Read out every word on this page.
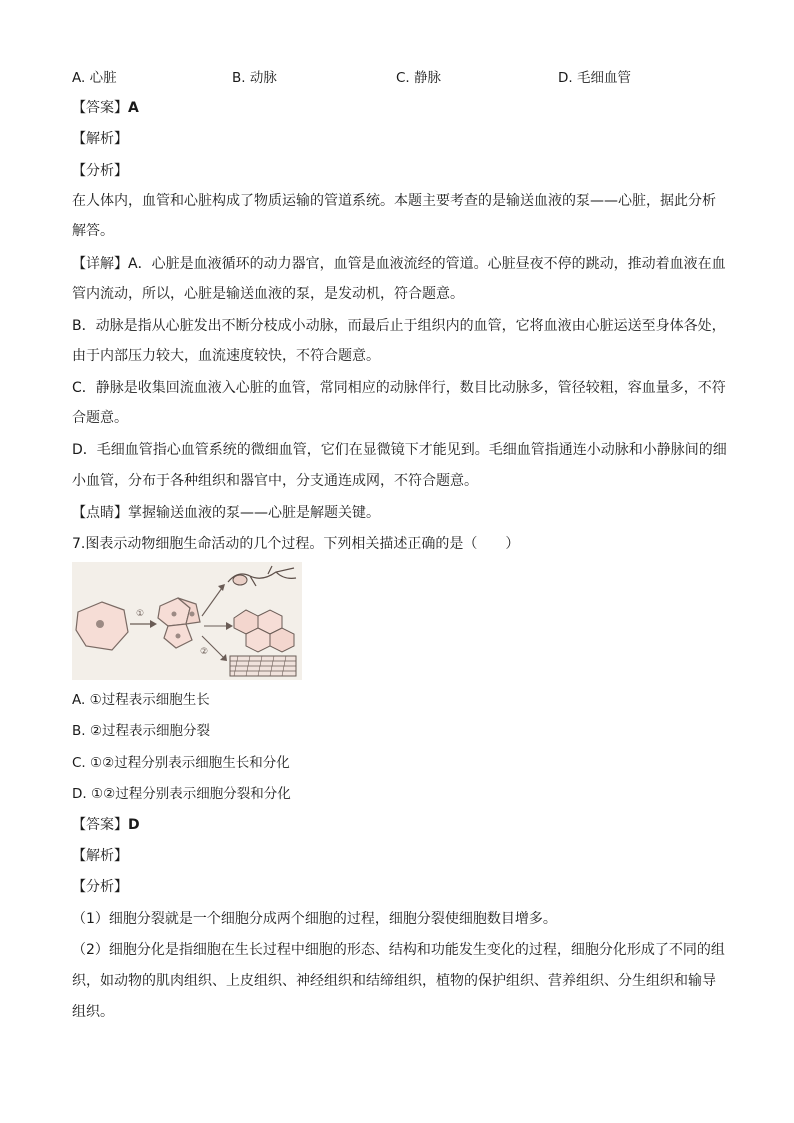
A. 心脏	B. 动脉	C. 静脉	D. 毛细血管
【答案】A
【解析】
【分析】
在人体内，血管和心脏构成了物质运输的管道系统。本题主要考查的是输送血液的泵——心脏，据此分析
解答。
【详解】A．心脏是血液循环的动力器官，血管是血液流经的管道。心脏昼夜不停的跳动，推动着血液在血
管内流动，所以，心脏是输送血液的泵，是发动机，符合题意。
B．动脉是指从心脏发出不断分枝成小动脉，而最后止于组织内的血管，它将血液由心脏运送至身体各处，
由于内部压力较大，血流速度较快，不符合题意。
C．静脉是收集回流血液入心脏的血管，常同相应的动脉伴行，数目比动脉多，管径较粗，容血量多，不符
合题意。
D．毛细血管指心血管系统的微细血管，它们在显微镜下才能见到。毛细血管指通连小动脉和小静脉间的细
小血管，分布于各种组织和器官中，分支通连成网，不符合题意。
【点睛】掌握输送血液的泵——心脏是解题关键。
7.图表示动物细胞生命活动的几个过程。下列相关描述正确的是（　　）
①
②
A. ①过程表示细胞生长
B. ②过程表示细胞分裂
C. ①②过程分别表示细胞生长和分化
D. ①②过程分别表示细胞分裂和分化
【答案】D
【解析】
【分析】
（1）细胞分裂就是一个细胞分成两个细胞的过程，细胞分裂使细胞数目增多。
（2）细胞分化是指细胞在生长过程中细胞的形态、结构和功能发生变化的过程，细胞分化形成了不同的组
织，如动物的肌肉组织、上皮组织、神经组织和结缔组织，植物的保护组织、营养组织、分生组织和输导
组织。
